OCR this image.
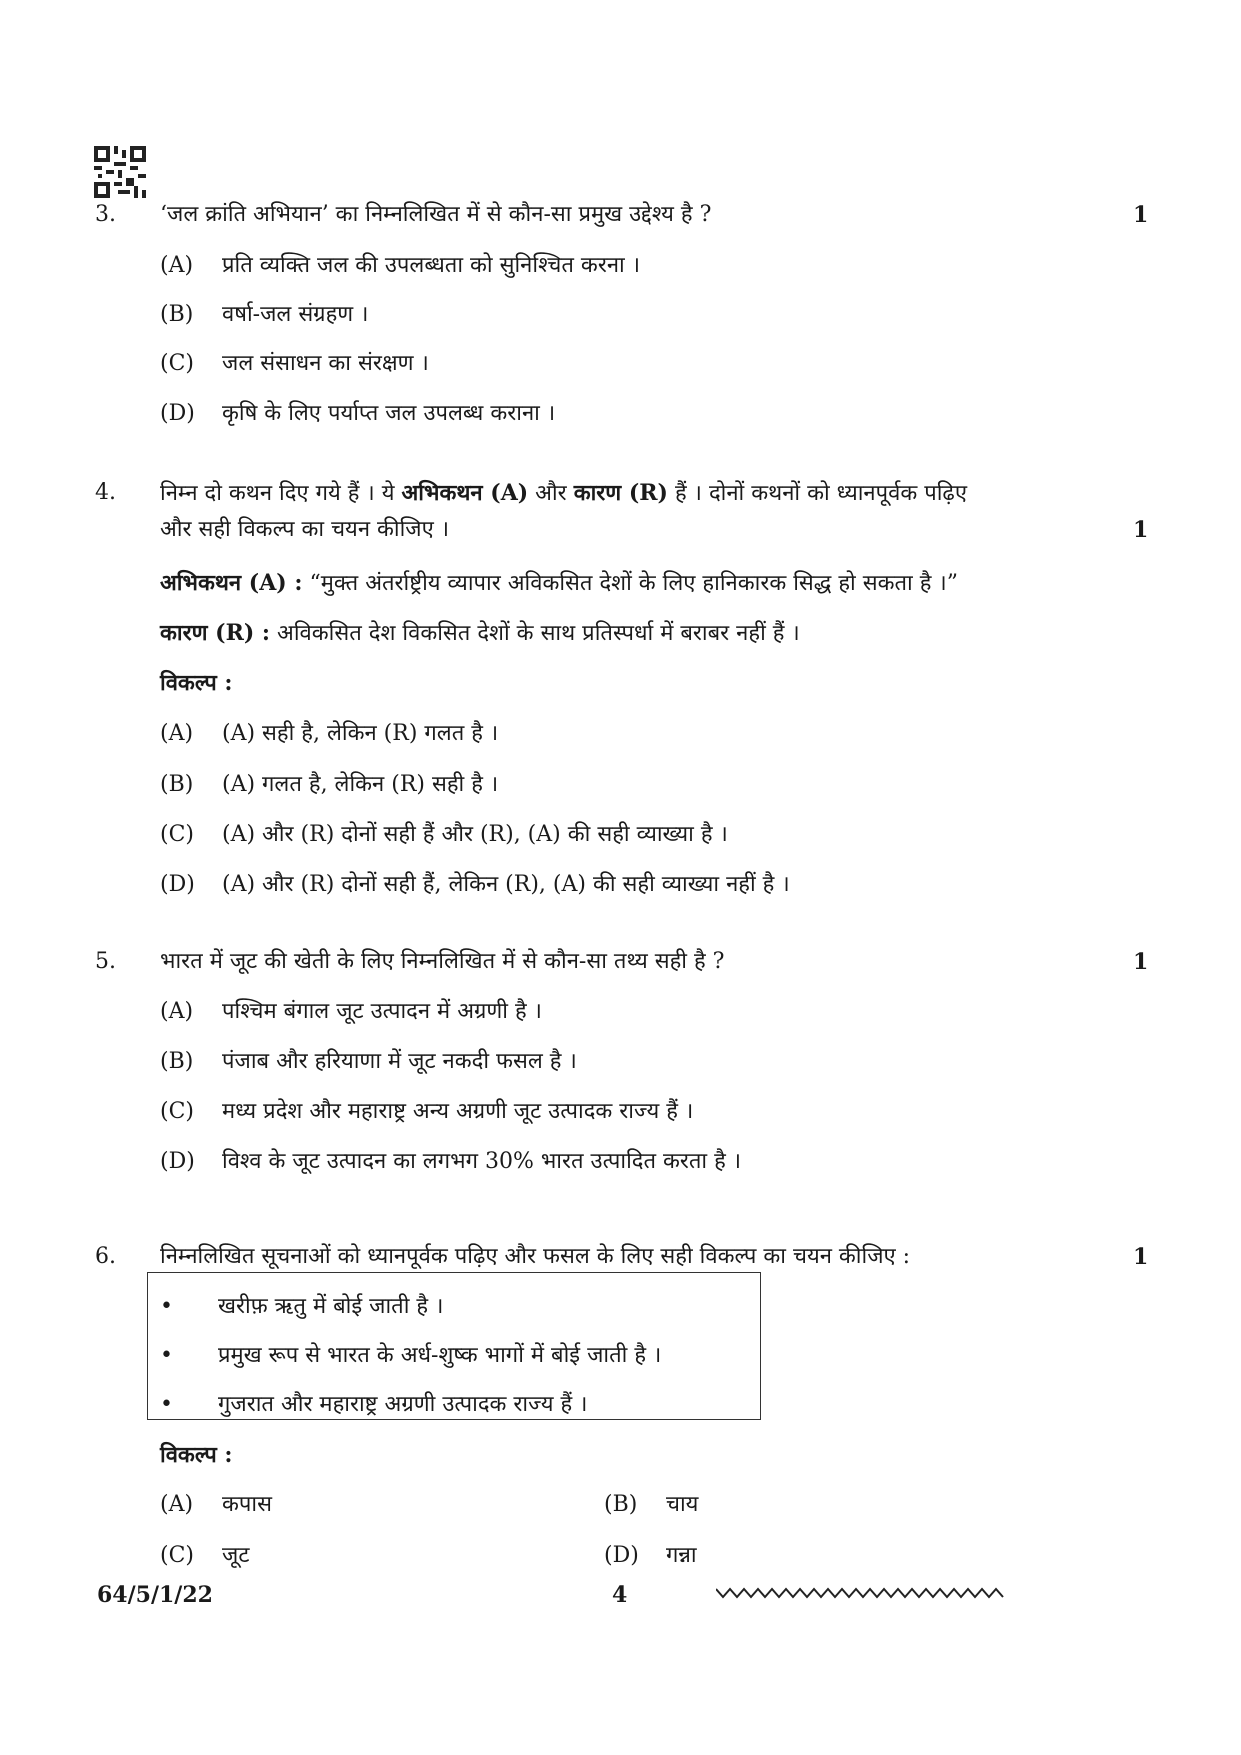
3. ‘जल क्रांति अभियान’ का निम्नलिखित में से कौन-सा प्रमुख उद्देश्य है ?	1
(A) प्रति व्यक्ति जल की उपलब्धता को सुनिश्चित करना ।
(B) वर्षा-जल संग्रहण ।
(C) जल संसाधन का संरक्षण ।
(D) कृषि के लिए पर्याप्त जल उपलब्ध कराना ।
4. निम्न दो कथन दिए गये हैं । ये अभिकथन (A) और कारण (R) हैं । दोनों कथनों को ध्यानपूर्वक पढ़िए
और सही विकल्प का चयन कीजिए ।	1
अभिकथन (A) : “मुक्त अंतर्राष्ट्रीय व्यापार अविकसित देशों के लिए हानिकारक सिद्ध हो सकता है ।”
कारण (R) : अविकसित देश विकसित देशों के साथ प्रतिस्पर्धा में बराबर नहीं हैं ।
विकल्प :
(A) (A) सही है, लेकिन (R) गलत है ।
(B) (A) गलत है, लेकिन (R) सही है ।
(C) (A) और (R) दोनों सही हैं और (R), (A) की सही व्याख्या है ।
(D) (A) और (R) दोनों सही हैं, लेकिन (R), (A) की सही व्याख्या नहीं है ।
5. भारत में जूट की खेती के लिए निम्नलिखित में से कौन-सा तथ्य सही है ?	1
(A) पश्चिम बंगाल जूट उत्पादन में अग्रणी है ।
(B) पंजाब और हरियाणा में जूट नकदी फसल है ।
(C) मध्य प्रदेश और महाराष्ट्र अन्य अग्रणी जूट उत्पादक राज्य हैं ।
(D) विश्व के जूट उत्पादन का लगभग 30% भारत उत्पादित करता है ।
6. निम्नलिखित सूचनाओं को ध्यानपूर्वक पढ़िए और फसल के लिए सही विकल्प का चयन कीजिए :	1
• खरीफ़ ऋतु में बोई जाती है ।
• प्रमुख रूप से भारत के अर्ध-शुष्क भागों में बोई जाती है ।
• गुजरात और महाराष्ट्र अग्रणी उत्पादक राज्य हैं ।
विकल्प :
(A) कपास	(B) चाय
(C) जूट	(D) गन्ना
64/5/1/22	4
